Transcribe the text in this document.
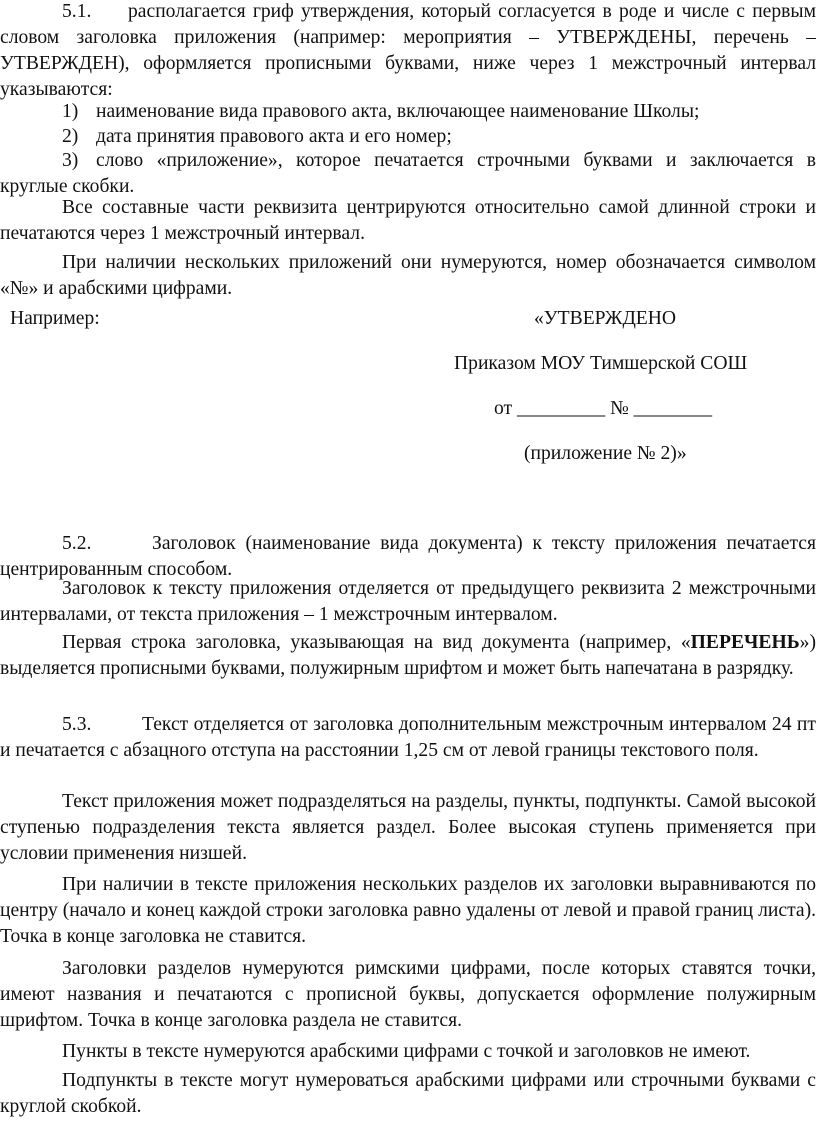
5.1. располагается гриф утверждения, который согласуется в роде и числе с первым словом заголовка приложения (например: мероприятия – УТВЕРЖДЕНЫ, перечень – УТВЕРЖДЕН), оформляется прописными буквами, ниже через 1 межстрочный интервал указываются:

1) наименование вида правового акта, включающее наименование Школы;

2) дата принятия правового акта и его номер;

3) слово «приложение», которое печатается строчными буквами и заключается в круглые скобки.

Все составные части реквизита центрируются относительно самой длинной строки и печатаются через 1 межстрочный интервал.

При наличии нескольких приложений они нумеруются, номер обозначается символом «№» и арабскими цифрами.

Например:	«УТВЕРЖДЕНО

Приказом МОУ Тимшерской СОШ

от _________ № ________

(приложение № 2)»

5.2.	Заголовок (наименование вида документа) к тексту приложения печатается центрированным способом.

Заголовок к тексту приложения отделяется от предыдущего реквизита 2 межстрочными интервалами, от текста приложения – 1 межстрочным интервалом.

Первая строка заголовка, указывающая на вид документа (например, «ПЕРЕЧЕНЬ») выделяется прописными буквами, полужирным шрифтом и может быть напечатана в разрядку.

5.3.	Текст отделяется от заголовка дополнительным межстрочным интервалом 24 пт и печатается с абзацного отступа на расстоянии 1,25 см от левой границы текстового поля.

Текст приложения может подразделяться на разделы, пункты, подпункты. Самой высокой ступенью подразделения текста является раздел. Более высокая ступень применяется при условии применения низшей.

При наличии в тексте приложения нескольких разделов их заголовки выравниваются по центру (начало и конец каждой строки заголовка равно удалены от левой и правой границ листа). Точка в конце заголовка не ставится.

Заголовки разделов нумеруются римскими цифрами, после которых ставятся точки, имеют названия и печатаются с прописной буквы, допускается оформление полужирным шрифтом. Точка в конце заголовка раздела не ставится.

Пункты в тексте нумеруются арабскими цифрами с точкой и заголовков не имеют.

Подпункты в тексте могут нумероваться арабскими цифрами или строчными буквами с круглой скобкой.
